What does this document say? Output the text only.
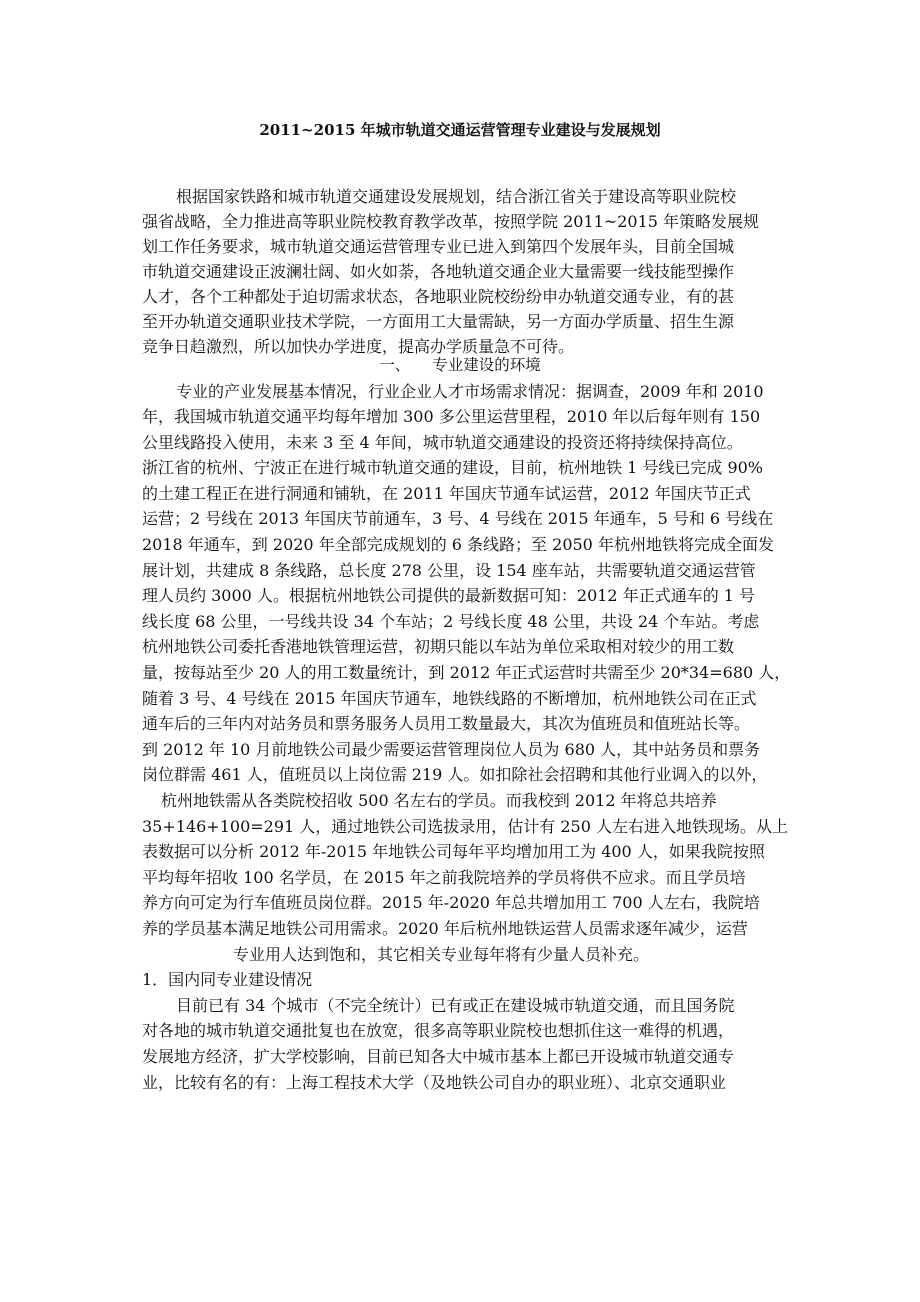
2011~2015 年城市轨道交通运营管理专业建设与发展规划
根据国家铁路和城市轨道交通建设发展规划，结合浙江省关于建设高等职业院校
强省战略，全力推进高等职业院校教育教学改革，按照学院 2011~2015 年策略发展规
划工作任务要求，城市轨道交通运营管理专业已进入到第四个发展年头，目前全国城
市轨道交通建设正波澜壮阔、如火如荼，各地轨道交通企业大量需要一线技能型操作
人才，各个工种都处于迫切需求状态，各地职业院校纷纷申办轨道交通专业，有的甚
至开办轨道交通职业技术学院，一方面用工大量需缺，另一方面办学质量、招生生源
竞争日趋激烈，所以加快办学进度，提高办学质量急不可待。
一、 专业建设的环境
专业的产业发展基本情况，行业企业人才市场需求情况：据调查，2009 年和 2010
年，我国城市轨道交通平均每年增加 300 多公里运营里程，2010 年以后每年则有 150
公里线路投入使用，未来 3 至 4 年间，城市轨道交通建设的投资还将持续保持高位。
浙江省的杭州、宁波正在进行城市轨道交通的建设，目前，杭州地铁 1 号线已完成 90%
的土建工程正在进行洞通和铺轨，在 2011 年国庆节通车试运营，2012 年国庆节正式
运营；2 号线在 2013 年国庆节前通车，3 号、4 号线在 2015 年通车，5 号和 6 号线在
2018 年通车，到 2020 年全部完成规划的 6 条线路；至 2050 年杭州地铁将完成全面发
展计划，共建成 8 条线路，总长度 278 公里，设 154 座车站，共需要轨道交通运营管
理人员约 3000 人。根据杭州地铁公司提供的最新数据可知：2012 年正式通车的 1 号
线长度 68 公里，一号线共设 34 个车站；2 号线长度 48 公里，共设 24 个车站。考虑
杭州地铁公司委托香港地铁管理运营，初期只能以车站为单位采取相对较少的用工数
量，按每站至少 20 人的用工数量统计，到 2012 年正式运营时共需至少 20*34=680 人，
随着 3 号、4 号线在 2015 年国庆节通车，地铁线路的不断增加，杭州地铁公司在正式
通车后的三年内对站务员和票务服务人员用工数量最大，其次为值班员和值班站长等。
到 2012 年 10 月前地铁公司最少需要运营管理岗位人员为 680 人，其中站务员和票务
岗位群需 461 人，值班员以上岗位需 219 人。如扣除社会招聘和其他行业调入的以外，
杭州地铁需从各类院校招收 500 名左右的学员。而我校到 2012 年将总共培养
35+146+100=291 人，通过地铁公司选拔录用，估计有 250 人左右进入地铁现场。从上
表数据可以分析 2012 年-2015 年地铁公司每年平均增加用工为 400 人，如果我院按照
平均每年招收 100 名学员，在 2015 年之前我院培养的学员将供不应求。而且学员培
养方向可定为行车值班员岗位群。2015 年-2020 年总共增加用工 700 人左右，我院培
养的学员基本满足地铁公司用需求。2020 年后杭州地铁运营人员需求逐年减少，运营
专业用人达到饱和，其它相关专业每年将有少量人员补充。
1．国内同专业建设情况
目前已有 34 个城市（不完全统计）已有或正在建设城市轨道交通，而且国务院
对各地的城市轨道交通批复也在放宽，很多高等职业院校也想抓住这一难得的机遇，
发展地方经济，扩大学校影响，目前已知各大中城市基本上都已开设城市轨道交通专
业，比较有名的有：上海工程技术大学（及地铁公司自办的职业班）、北京交通职业
